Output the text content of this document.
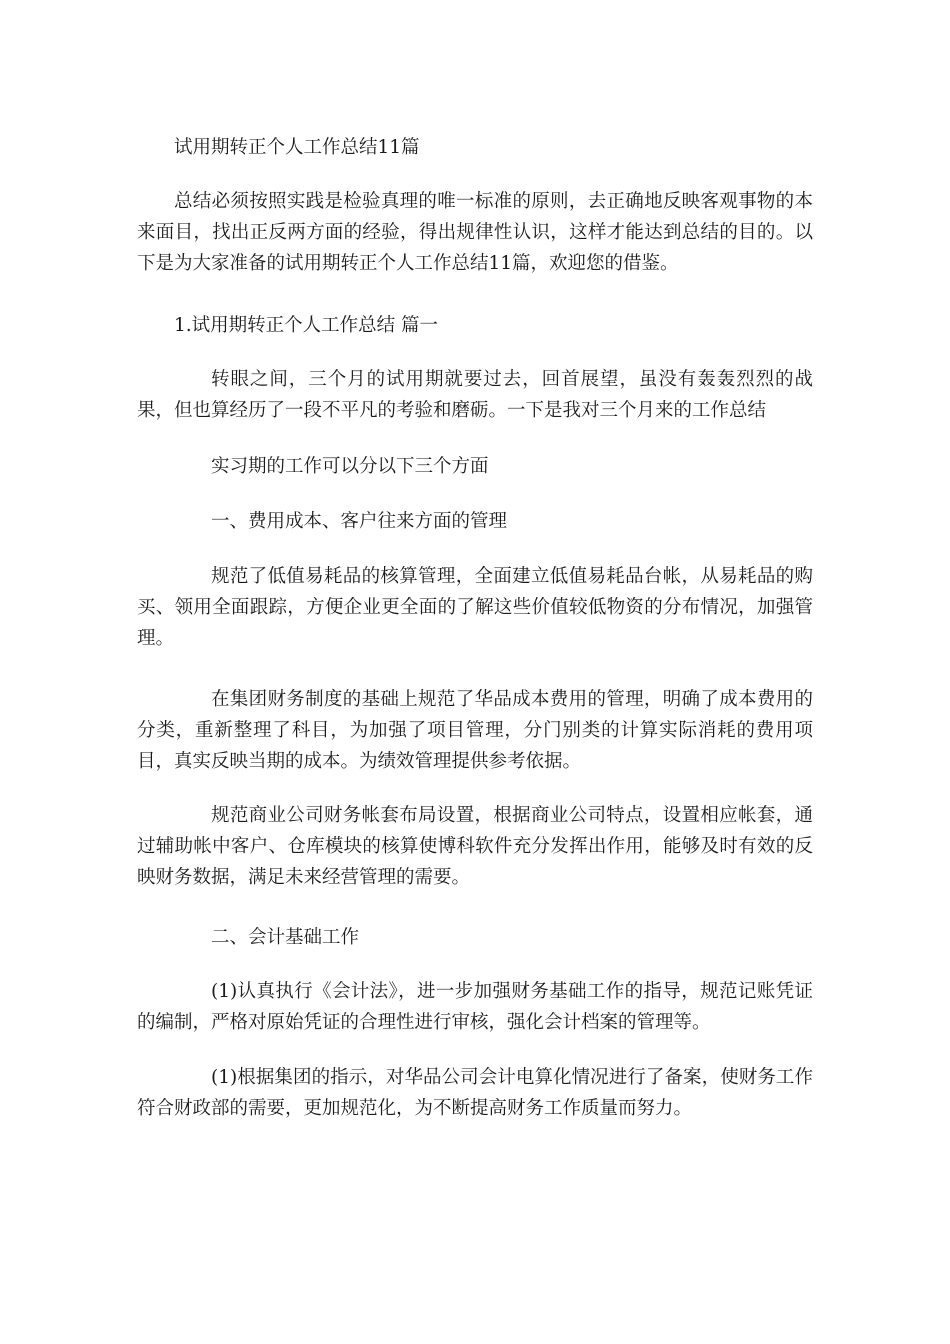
试用期转正个人工作总结11篇

总结必须按照实践是检验真理的唯一标准的原则，去正确地反映客观事物的本来面目，找出正反两方面的经验，得出规律性认识，这样才能达到总结的目的。以下是为大家准备的试用期转正个人工作总结11篇，欢迎您的借鉴。

1.试用期转正个人工作总结 篇一

转眼之间，三个月的试用期就要过去，回首展望，虽没有轰轰烈烈的战果，但也算经历了一段不平凡的考验和磨砺。一下是我对三个月来的工作总结

实习期的工作可以分以下三个方面

一、费用成本、客户往来方面的管理

规范了低值易耗品的核算管理，全面建立低值易耗品台帐，从易耗品的购买、领用全面跟踪，方便企业更全面的了解这些价值较低物资的分布情况，加强管理。

在集团财务制度的基础上规范了华品成本费用的管理，明确了成本费用的分类，重新整理了科目，为加强了项目管理，分门别类的计算实际消耗的费用项目，真实反映当期的成本。为绩效管理提供参考依据。

规范商业公司财务帐套布局设置，根据商业公司特点，设置相应帐套，通过辅助帐中客户、仓库模块的核算使博科软件充分发挥出作用，能够及时有效的反映财务数据，满足未来经营管理的需要。

二、会计基础工作

(1)认真执行《会计法》，进一步加强财务基础工作的指导，规范记账凭证的编制，严格对原始凭证的合理性进行审核，强化会计档案的管理等。

(1)根据集团的指示，对华品公司会计电算化情况进行了备案，使财务工作符合财政部的需要，更加规范化，为不断提高财务工作质量而努力。
